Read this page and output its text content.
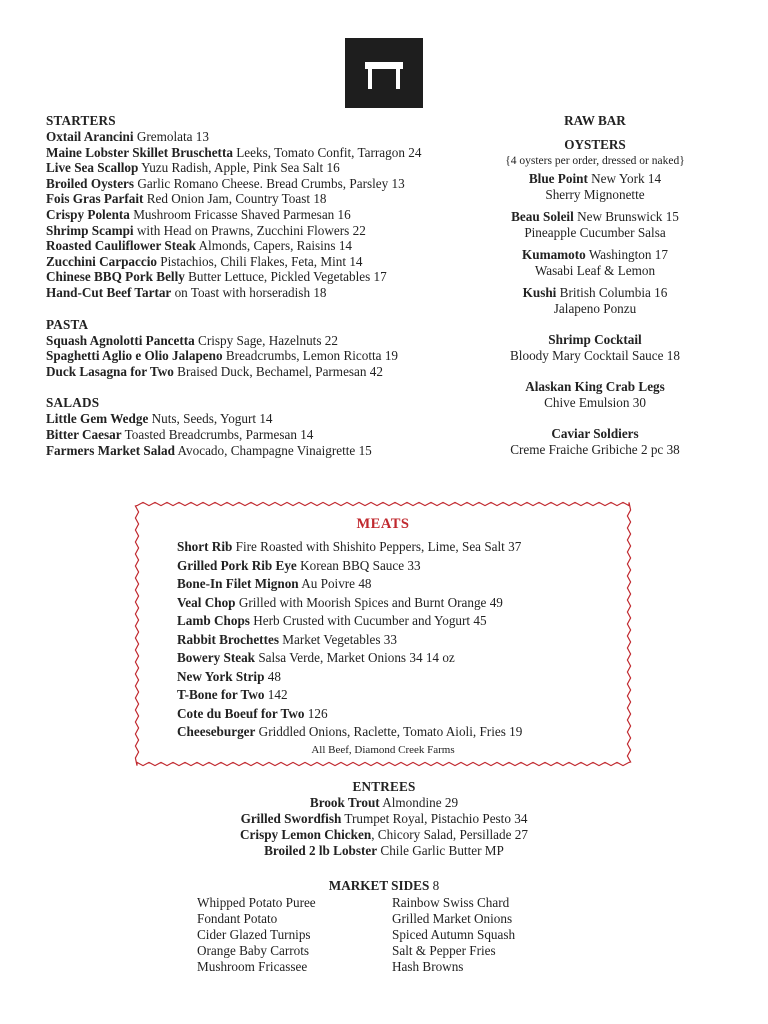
STARTERS
Oxtail Arancini Gremolata 13
Maine Lobster Skillet Bruschetta Leeks, Tomato Confit, Tarragon 24
Live Sea Scallop Yuzu Radish, Apple, Pink Sea Salt 16
Broiled Oysters Garlic Romano Cheese. Bread Crumbs, Parsley 13
Fois Gras Parfait Red Onion Jam, Country Toast 18
Crispy Polenta Mushroom Fricasse Shaved Parmesan 16
Shrimp Scampi with Head on Prawns, Zucchini Flowers 22
Roasted Cauliflower Steak Almonds, Capers, Raisins 14
Zucchini Carpaccio Pistachios, Chili Flakes, Feta, Mint 14
Chinese BBQ Pork Belly Butter Lettuce, Pickled Vegetables 17
Hand-Cut Beef Tartar on Toast with horseradish 18
PASTA
Squash Agnolotti Pancetta Crispy Sage, Hazelnuts 22
Spaghetti Aglio e Olio Jalapeno Breadcrumbs, Lemon Ricotta 19
Duck Lasagna for Two Braised Duck, Bechamel, Parmesan 42
SALADS
Little Gem Wedge Nuts, Seeds, Yogurt 14
Bitter Caesar Toasted Breadcrumbs, Parmesan 14
Farmers Market Salad Avocado, Champagne Vinaigrette 15
RAW BAR
OYSTERS
{4 oysters per order, dressed or naked}
Blue Point New York 14
Sherry Mignonette
Beau Soleil New Brunswick 15
Pineapple Cucumber Salsa
Kumamoto Washington 17
Wasabi Leaf & Lemon
Kushi British Columbia 16
Jalapeno Ponzu
Shrimp Cocktail
Bloody Mary Cocktail Sauce 18
Alaskan King Crab Legs
Chive Emulsion 30
Caviar Soldiers
Creme Fraiche Gribiche 2 pc 38
MEATS
Short Rib Fire Roasted with Shishito Peppers, Lime, Sea Salt 37
Grilled Pork Rib Eye Korean BBQ Sauce 33
Bone-In Filet Mignon Au Poivre 48
Veal Chop Grilled with Moorish Spices and Burnt Orange 49
Lamb Chops Herb Crusted with Cucumber and Yogurt 45
Rabbit Brochettes Market Vegetables 33
Bowery Steak Salsa Verde, Market Onions 34 14 oz
New York Strip 48
T-Bone for Two 142
Cote du Boeuf for Two 126
Cheeseburger Griddled Onions, Raclette, Tomato Aioli, Fries 19
All Beef, Diamond Creek Farms
ENTREES
Brook Trout Almondine 29
Grilled Swordfish Trumpet Royal, Pistachio Pesto 34
Crispy Lemon Chicken, Chicory Salad, Persillade 27
Broiled 2 lb Lobster Chile Garlic Butter MP
MARKET SIDES 8
Whipped Potato Puree
Fondant Potato
Cider Glazed Turnips
Orange Baby Carrots
Mushroom Fricassee
Rainbow Swiss Chard
Grilled Market Onions
Spiced Autumn Squash
Salt & Pepper Fries
Hash Browns
